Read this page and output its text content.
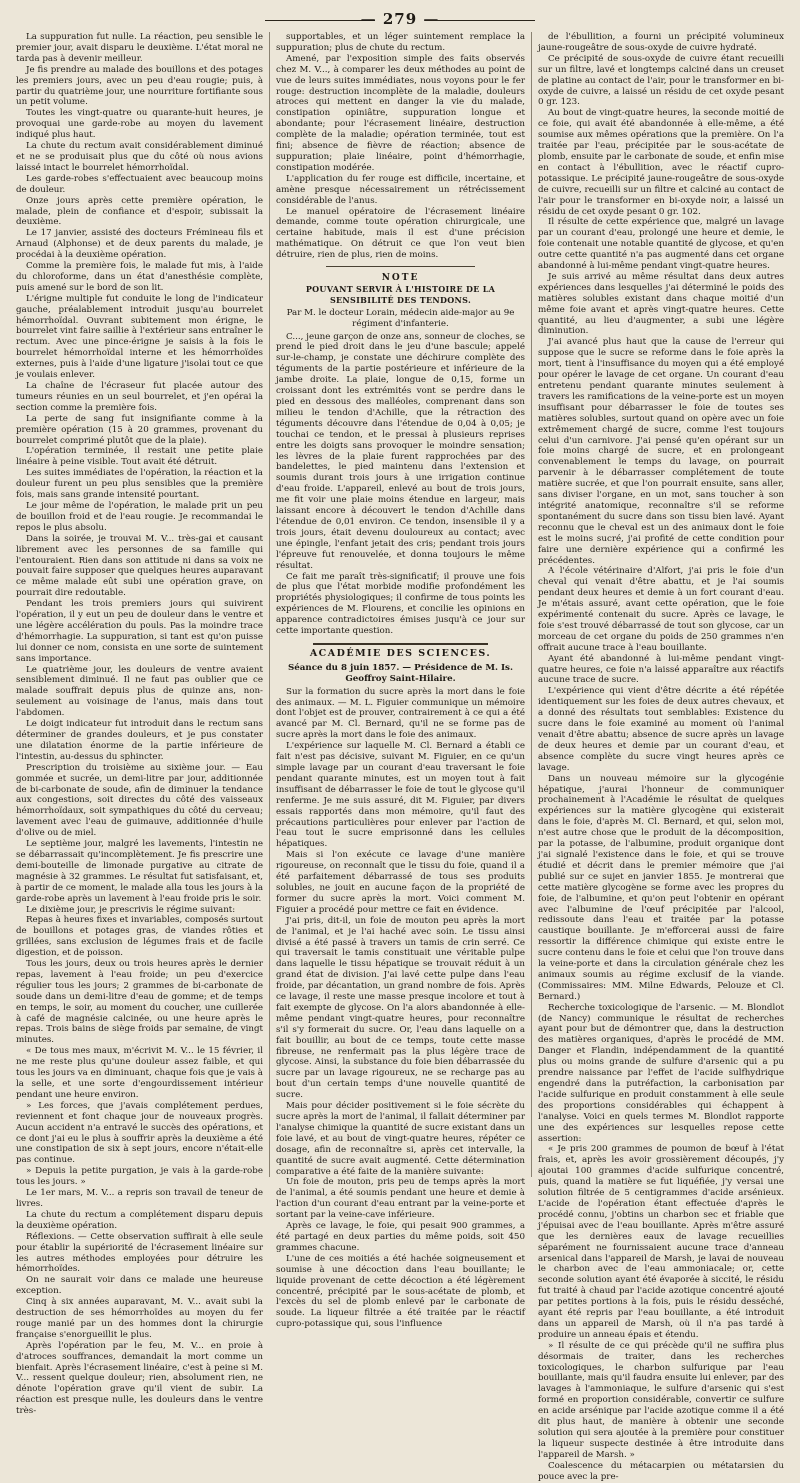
— 279 —

La suppuration fut nulle. La réaction, peu sensible le premier jour, avait disparu le deuxième. L'état moral ne tarda pas à devenir meilleur.

Je fis prendre au malade des bouillons et des potages les premiers jours, avec un peu d'eau rougie; puis, à partir du quatrième jour, une nourriture fortifiante sous un petit volume.

Toutes les vingt-quatre ou quarante-huit heures, je provoquai une garde-robe au moyen du lavement indiqué plus haut.

La chute du rectum avait considérablement diminué et ne se produisait plus que du côté où nous avions laissé intact le bourrelet hémorrhoïdal.

Les garde-robes s'effectuaient avec beaucoup moins de douleur.

Onze jours après cette première opération, le malade, plein de confiance et d'espoir, subissait la deuxième.

Le 17 janvier, assisté des docteurs Frémineau fils et Arnaud (Alphonse) et de deux parents du malade, je procédai à la deuxième opération.

Comme la première fois, le malade fut mis, à l'aide du chloroforme, dans un état d'anesthésie complète, puis amené sur le bord de son lit.

L'érigne multiple fut conduite le long de l'indicateur gauche, préalablement introduit jusqu'au bourrelet hémorrhoïdal. Ouvrant subitement mon érigne, le bourrelet vint faire saillie à l'extérieur sans entraîner le rectum. Avec une pince-érigne je saisis à la fois le bourrelet hémorrhoïdal interne et les hémorrhoïdes externes, puis à l'aide d'une ligature j'isolai tout ce que je voulais enlever.

La chaîne de l'écraseur fut placée autour des tumeurs réunies en un seul bourrelet, et j'en opérai la section comme la première fois.

La perte de sang fut insignifiante comme à la première opération (15 à 20 grammes, provenant du bourrelet comprimé plutôt que de la plaie).

L'opération terminée, il restait une petite plaie linéaire à peine visible. Tout avait été détruit.

Les suites immédiates de l'opération, la réaction et la douleur furent un peu plus sensibles que la première fois, mais sans grande intensité pourtant.

Le jour même de l'opération, le malade prit un peu de bouillon froid et de l'eau rougie. Je recommandai le repos le plus absolu.

Dans la soirée, je trouvai M. V... très-gai et causant librement avec les personnes de sa famille qui l'entouraient. Rien dans son attitude ni dans sa voix ne pouvait faire supposer que quelques heures auparavant ce même malade eût subi une opération grave, on pourrait dire redoutable.

Pendant les trois premiers jours qui suivirent l'opération, il y eut un peu de douleur dans le ventre et une légère accélération du pouls. Pas la moindre trace d'hémorrhagie. La suppuration, si tant est qu'on puisse lui donner ce nom, consista en une sorte de suintement sans importance.

Le quatrième jour, les douleurs de ventre avaient sensiblement diminué. Il ne faut pas oublier que ce malade souffrait depuis plus de quinze ans, non-seulement au voisinage de l'anus, mais dans tout l'abdomen.

Le doigt indicateur fut introduit dans le rectum sans déterminer de grandes douleurs, et je pus constater une dilatation énorme de la partie inférieure de l'intestin, au-dessus du sphincter.

Prescription du troisième au sixième jour. — Eau gommée et sucrée, un demi-litre par jour, additionnée de bi-carbonate de soude, afin de diminuer la tendance aux congestions, soit directes du côté des vaisseaux hémorrhoïdaux, soit sympathiques du côté du cerveau; lavement avec l'eau de guimauve, additionnée d'huile d'olive ou de miel.

Le septième jour, malgré les lavements, l'intestin ne se débarrassait qu'incomplètement. Je fis prescrire une demi-bouteille de limonade purgative au citrate de magnésie à 32 grammes. Le résultat fut satisfaisant, et, à partir de ce moment, le malade alla tous les jours à la garde-robe après un lavement à l'eau froide pris le soir.

Le dixième jour, je prescrivis le régime suivant:

Repas à heures fixes et invariables, composés surtout de bouillons et potages gras, de viandes rôties et grillées, sans exclusion de légumes frais et de facile digestion, et de poisson.

Tous les jours, deux ou trois heures après le dernier repas, lavement à l'eau froide; un peu d'exercice régulier tous les jours; 2 grammes de bi-carbonate de soude dans un demi-litre d'eau de gomme; et de temps en temps, le soir, au moment du coucher, une cuillerée à café de magnésie calcinée, ou une heure après le repas. Trois bains de siège froids par semaine, de vingt minutes.

« De tous mes maux, m'écrivit M. V... le 15 février, il ne me reste plus qu'une douleur assez faible, et qui tous les jours va en diminuant, chaque fois que je vais à la selle, et une sorte d'engourdissement intérieur pendant une heure environ.

» Les forces, que j'avais complétement perdues, reviennent et font chaque jour de nouveaux progrès. Aucun accident n'a entravé le succès des opérations, et ce dont j'ai eu le plus à souffrir après la deuxième a été une constipation de six à sept jours, encore n'était-elle pas continue.

» Depuis la petite purgation, je vais à la garde-robe tous les jours. »

Le 1er mars, M. V... a repris son travail de teneur de livres.

La chute du rectum a complétement disparu depuis la deuxième opération.

Réflexions. — Cette observation suffirait à elle seule pour établir la supériorité de l'écrasement linéaire sur les autres méthodes employées pour détruire les hémorrhoïdes.

On ne saurait voir dans ce malade une heureuse exception.

Cinq à six années auparavant, M. V... avait subi la destruction de ses hémorrhoïdes au moyen du fer rouge manié par un des hommes dont la chirurgie française s'enorgueillit le plus.

Après l'opération par le feu, M. V... en proie à d'atroces souffrances, demandait la mort comme un bienfait. Après l'écrasement linéaire, c'est à peine si M. V... ressent quelque douleur; rien, absolument rien, ne dénote l'opération grave qu'il vient de subir. La réaction est presque nulle, les douleurs dans le ventre très-

supportables, et un léger suintement remplace la suppuration; plus de chute du rectum.

Amené, par l'exposition simple des faits observés chez M. V..., à comparer les deux méthodes au point de vue de leurs suites immédiates, nous voyons pour le fer rouge: destruction incomplète de la maladie, douleurs atroces qui mettent en danger la vie du malade, constipation opiniâtre, suppuration longue et abondante; pour l'écrasement linéaire, destruction complète de la maladie; opération terminée, tout est fini; absence de fièvre de réaction; absence de suppuration; plaie linéaire, point d'hémorrhagie, constipation modérée.

L'application du fer rouge est difficile, incertaine, et amène presque nécessairement un rétrécissement considérable de l'anus.

Le manuel opératoire de l'écrasement linéaire demande, comme toute opération chirurgicale, une certaine habitude, mais il est d'une précision mathématique. On détruit ce que l'on veut bien détruire, rien de plus, rien de moins.

NOTE

POUVANT SERVIR À L'HISTOIRE DE LA SENSIBILITÉ DES TENDONS.

Par M. le docteur Lorain, médecin aide-major au 9e régiment d'infanterie.

C..., jeune garçon de onze ans, sonneur de cloches, se prend le pied droit dans le jeu d'une bascule; appelé sur-le-champ, je constate une déchirure complète des téguments de la partie postérieure et inférieure de la jambe droite. La plaie, longue de 0,15, forme un croissant dont les extrémités vont se perdre dans le pied en dessous des malléoles, comprenant dans son milieu le tendon d'Achille, que la rétraction des téguments découvre dans l'étendue de 0,04 à 0,05; je touchai ce tendon, et le pressai à plusieurs reprises entre les doigts sans provoquer le moindre sensation; les lèvres de la plaie furent rapprochées par des bandelettes, le pied maintenu dans l'extension et soumis durant trois jours à une irrigation continue d'eau froide. L'appareil, enlevé au bout de trois jours, me fit voir une plaie moins étendue en largeur, mais laissant encore à découvert le tendon d'Achille dans l'étendue de 0,01 environ. Ce tendon, insensible il y a trois jours, était devenu douloureux au contact; avec une épingle, l'enfant jetait des cris; pendant trois jours l'épreuve fut renouvelée, et donna toujours le même résultat.

Ce fait me paraît très-significatif; il prouve une fois de plus que l'état morbide modifie profondément les propriétés physiologiques; il confirme de tous points les expériences de M. Flourens, et concilie les opinions en apparence contradictoires émises jusqu'à ce jour sur cette importante question.

ACADÉMIE DES SCIENCES.

Séance du 8 juin 1857. — Présidence de M. Is. Geoffroy Saint-Hilaire.

Sur la formation du sucre après la mort dans le foie des animaux. — M. L. Figuier communique un mémoire dont l'objet est de prouver, contrairement à ce qui a été avancé par M. Cl. Bernard, qu'il ne se forme pas de sucre après la mort dans le foie des animaux.

L'expérience sur laquelle M. Cl. Bernard a établi ce fait n'est pas décisive, suivant M. Figuier, en ce qu'un simple lavage par un courant d'eau traversant le foie pendant quarante minutes, est un moyen tout à fait insuffisant de débarrasser le foie de tout le glycose qu'il renferme. Je me suis assuré, dit M. Figuier, par divers essais rapportés dans mon mémoire, qu'il faut des précautions particulières pour enlever par l'action de l'eau tout le sucre emprisonné dans les cellules hépatiques.

Mais si l'on exécute ce lavage d'une manière rigoureuse, on reconnaît que le tissu du foie, quand il a été parfaitement débarrassé de tous ses produits solubles, ne jouit en aucune façon de la propriété de former du sucre après la mort. Voici comment M. Figuier a procédé pour mettre ce fait en évidence.

J'ai pris, dit-il, un foie de mouton peu après la mort de l'animal, et je l'ai haché avec soin. Le tissu ainsi divisé a été passé à travers un tamis de crin serré. Ce qui traversait le tamis constituait une véritable pulpe dans laquelle le tissu hépatique se trouvait réduit à un grand état de division. J'ai lavé cette pulpe dans l'eau froide, par décantation, un grand nombre de fois. Après ce lavage, il reste une masse presque incolore et tout à fait exempte de glycose. On l'a alors abandonnée à elle-même pendant vingt-quatre heures, pour reconnaître s'il s'y formerait du sucre. Or, l'eau dans laquelle on a fait bouillir, au bout de ce temps, toute cette masse fibreuse, ne renfermait pas la plus légère trace de glycose. Ainsi, la substance du foie bien débarrassée du sucre par un lavage rigoureux, ne se recharge pas au bout d'un certain temps d'une nouvelle quantité de sucre.

Mais pour décider positivement si le foie sécrète du sucre après la mort de l'animal, il fallait déterminer par l'analyse chimique la quantité de sucre existant dans un foie lavé, et au bout de vingt-quatre heures, répéter ce dosage, afin de reconnaître si, après cet intervalle, la quantité de sucre avait augmenté. Cette détermination comparative a été faite de la manière suivante:

Un foie de mouton, pris peu de temps après la mort de l'animal, a été soumis pendant une heure et demie à l'action d'un courant d'eau entrant par la veine-porte et sortant par la veine-cave inférieure.

Après ce lavage, le foie, qui pesait 900 grammes, a été partagé en deux parties du même poids, soit 450 grammes chacune.

L'une de ces moitiés a été hachée soigneusement et soumise à une décoction dans l'eau bouillante; le liquide provenant de cette décoction a été légèrement concentré, précipité par le sous-acétate de plomb, et l'excès du sel de plomb enlevé par le carbonate de soude. La liqueur filtrée a été traitée par le réactif cupro-potassique qui, sous l'influence

de l'ébullition, a fourni un précipité volumineux jaune-rougeâtre de sous-oxyde de cuivre hydraté.

Ce précipité de sous-oxyde de cuivre étant recueilli sur un filtre, lavé et longtemps calciné dans un creuset de platine au contact de l'air, pour le transformer en bi-oxyde de cuivre, a laissé un résidu de cet oxyde pesant 0 gr. 123.

Au bout de vingt-quatre heures, la seconde moitié de ce foie, qui avait été abandonnée à elle-même, a été soumise aux mêmes opérations que la première. On l'a traitée par l'eau, précipitée par le sous-acétate de plomb, ensuite par le carbonate de soude, et enfin mise en contact à l'ébullition, avec le réactif cupro-potassique. Le précipité jaune-rougeâtre de sous-oxyde de cuivre, recueilli sur un filtre et calciné au contact de l'air pour le transformer en bi-oxyde noir, a laissé un résidu de cet oxyde pesant 0 gr. 102.

Il résulte de cette expérience que, malgré un lavage par un courant d'eau, prolongé une heure et demie, le foie contenait une notable quantité de glycose, et qu'en outre cette quantité n'a pas augmenté dans cet organe abandonné à lui-même pendant vingt-quatre heures.

Je suis arrivé au même résultat dans deux autres expériences dans lesquelles j'ai déterminé le poids des matières solubles existant dans chaque moitié d'un même foie avant et après vingt-quatre heures. Cette quantité, au lieu d'augmenter, a subi une légère diminution.

J'ai avancé plus haut que la cause de l'erreur qui suppose que le sucre se reforme dans le foie après la mort, tient à l'insuffisance du moyen qui a été employé pour opérer le lavage de cet organe. Un courant d'eau entretenu pendant quarante minutes seulement à travers les ramifications de la veine-porte est un moyen insuffisant pour débarrasser le foie de toutes ses matières solubles, surtout quand on opère avec un foie extrêmement chargé de sucre, comme l'est toujours celui d'un carnivore. J'ai pensé qu'en opérant sur un foie moins chargé de sucre, et en prolongeant convenablement le temps du lavage, on pourrait parvenir à le débarrasser complétement de toute matière sucrée, et que l'on pourrait ensuite, sans aller, sans diviser l'organe, en un mot, sans toucher à son intégrité anatomique, reconnaître s'il se reforme spontanément du sucre dans son tissu bien lavé. Ayant reconnu que le cheval est un des animaux dont le foie est le moins sucré, j'ai profité de cette condition pour faire une dernière expérience qui a confirmé les précédentes.

A l'école vétérinaire d'Alfort, j'ai pris le foie d'un cheval qui venait d'être abattu, et je l'ai soumis pendant deux heures et demie à un fort courant d'eau. Je m'étais assuré, avant cette opération, que le foie expérimenté contenait du sucre. Après ce lavage, le foie s'est trouvé débarrassé de tout son glycose, car un morceau de cet organe du poids de 250 grammes n'en offrait aucune trace à l'eau bouillante.

Ayant été abandonné à lui-même pendant vingt-quatre heures, ce foie n'a laissé apparaître aux réactifs aucune trace de sucre.

L'expérience qui vient d'être décrite a été répétée identiquement sur les foies de deux autres chevaux, et a donné des résultats tout semblables: Existence du sucre dans le foie examiné au moment où l'animal venait d'être abattu; absence de sucre après un lavage de deux heures et demie par un courant d'eau, et absence complète du sucre vingt heures après ce lavage.

Dans un nouveau mémoire sur la glycogénie hépatique, j'aurai l'honneur de communiquer prochainement à l'Académie le résultat de quelques expériences sur la matière glycogène qui existerait dans le foie, d'après M. Cl. Bernard, et qui, selon moi, n'est autre chose que le produit de la décomposition, par la potasse, de l'albumine, produit organique dont j'ai signalé l'existence dans le foie, et qui se trouve étudié et décrit dans le premier mémoire que j'ai publié sur ce sujet en janvier 1855. Je montrerai que cette matière glycogène se forme avec les propres du foie, de l'albumine, et qu'on peut l'obtenir en opérant avec l'albumine de l'œuf précipitée par l'alcool, redissoute dans l'eau et traitée par la potasse caustique bouillante. Je m'efforcerai aussi de faire ressortir la différence chimique qui existe entre le sucre contenu dans le foie et celui que l'on trouve dans la veine-porte et dans la circulation générale chez les animaux soumis au régime exclusif de la viande. (Commissaires: MM. Milne Edwards, Pelouze et Cl. Bernard.)

Recherche toxicologique de l'arsenic. — M. Blondlot (de Nancy) communique le résultat de recherches ayant pour but de démontrer que, dans la destruction des matières organiques, d'après le procédé de MM. Danger et Flandin, indépendamment de la quantité plus ou moins grande de sulfure d'arsenic qui a pu prendre naissance par l'effet de l'acide sulfhydrique engendré dans la putréfaction, la carbonisation par l'acide sulfurique en produit constamment à elle seule des proportions considérables qui échappent à l'analyse. Voici en quels termes M. Blondlot rapporte une des expériences sur lesquelles repose cette assertion:

« Je pris 200 grammes de poumon de bœuf à l'état frais, et, après les avoir grossièrement découpés, j'y ajoutai 100 grammes d'acide sulfurique concentré, puis, quand la matière se fut liquéfiée, j'y versai une solution filtrée de 5 centigrammes d'acide arsénieux. L'acide de l'opération étant effectuée d'après le procédé connu, j'obtins un charbon sec et friable que j'épuisai avec de l'eau bouillante. Après m'être assuré que les dernières eaux de lavage recueillies séparément ne fournissaient aucune trace d'anneau arsenical dans l'appareil de Marsh, je lavai de nouveau le charbon avec de l'eau ammoniacale; or, cette seconde solution ayant été évaporée à siccité, le résidu fut traité à chaud par l'acide azotique concentré ajouté par petites portions à la fois, puis le résidu desséché, ayant été repris par l'eau bouillante, a été introduit dans un appareil de Marsh, où il n'a pas tardé à produire un anneau épais et étendu.

» Il résulte de ce qui précède qu'il ne suffira plus désormais de traiter, dans les recherches toxicologiques, le charbon sulfurique par l'eau bouillante, mais qu'il faudra ensuite lui enlever, par des lavages à l'ammoniaque, le sulfure d'arsenic qui s'est formé en proportion considérable, convertir ce sulfure en acide arsénique par l'acide azotique comme il a été dit plus haut, de manière à obtenir une seconde solution qui sera ajoutée à la première pour constituer la liqueur suspecte destinée à être introduite dans l'appareil de Marsh. »

Coalescence du métacarpien ou métatarsien du pouce avec la pre-
